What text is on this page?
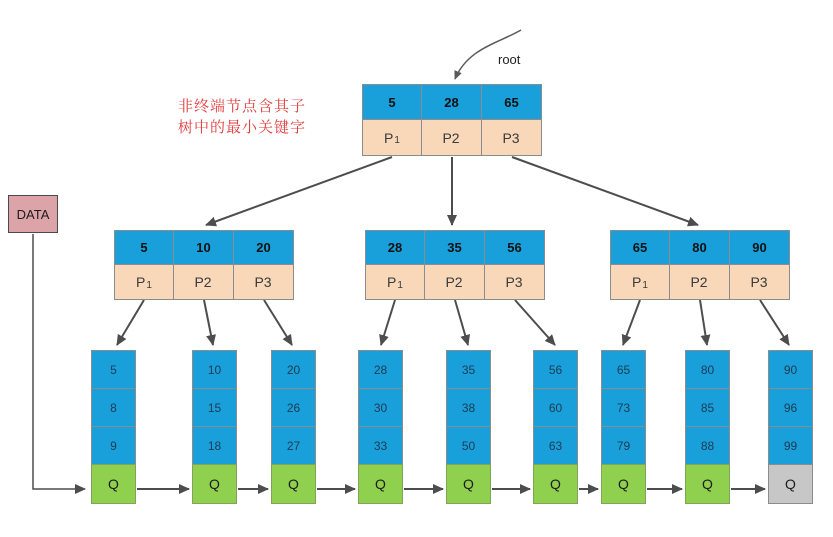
非终端节点含其子
树中的最小关键字
root
DATA
5	28	65
P 1	P2	P3
5	10	20
P 1	P2	P3
28	35	56
P 1	P2	P3
65	80	90
P 1	P2	P3
5
8
9
Q
10
15
18
Q
20
26
27
Q
28
30
33
Q
35
38
50
Q
56
60
63
Q
65
73
79
Q
80
85
88
Q
90
96
99
Q
